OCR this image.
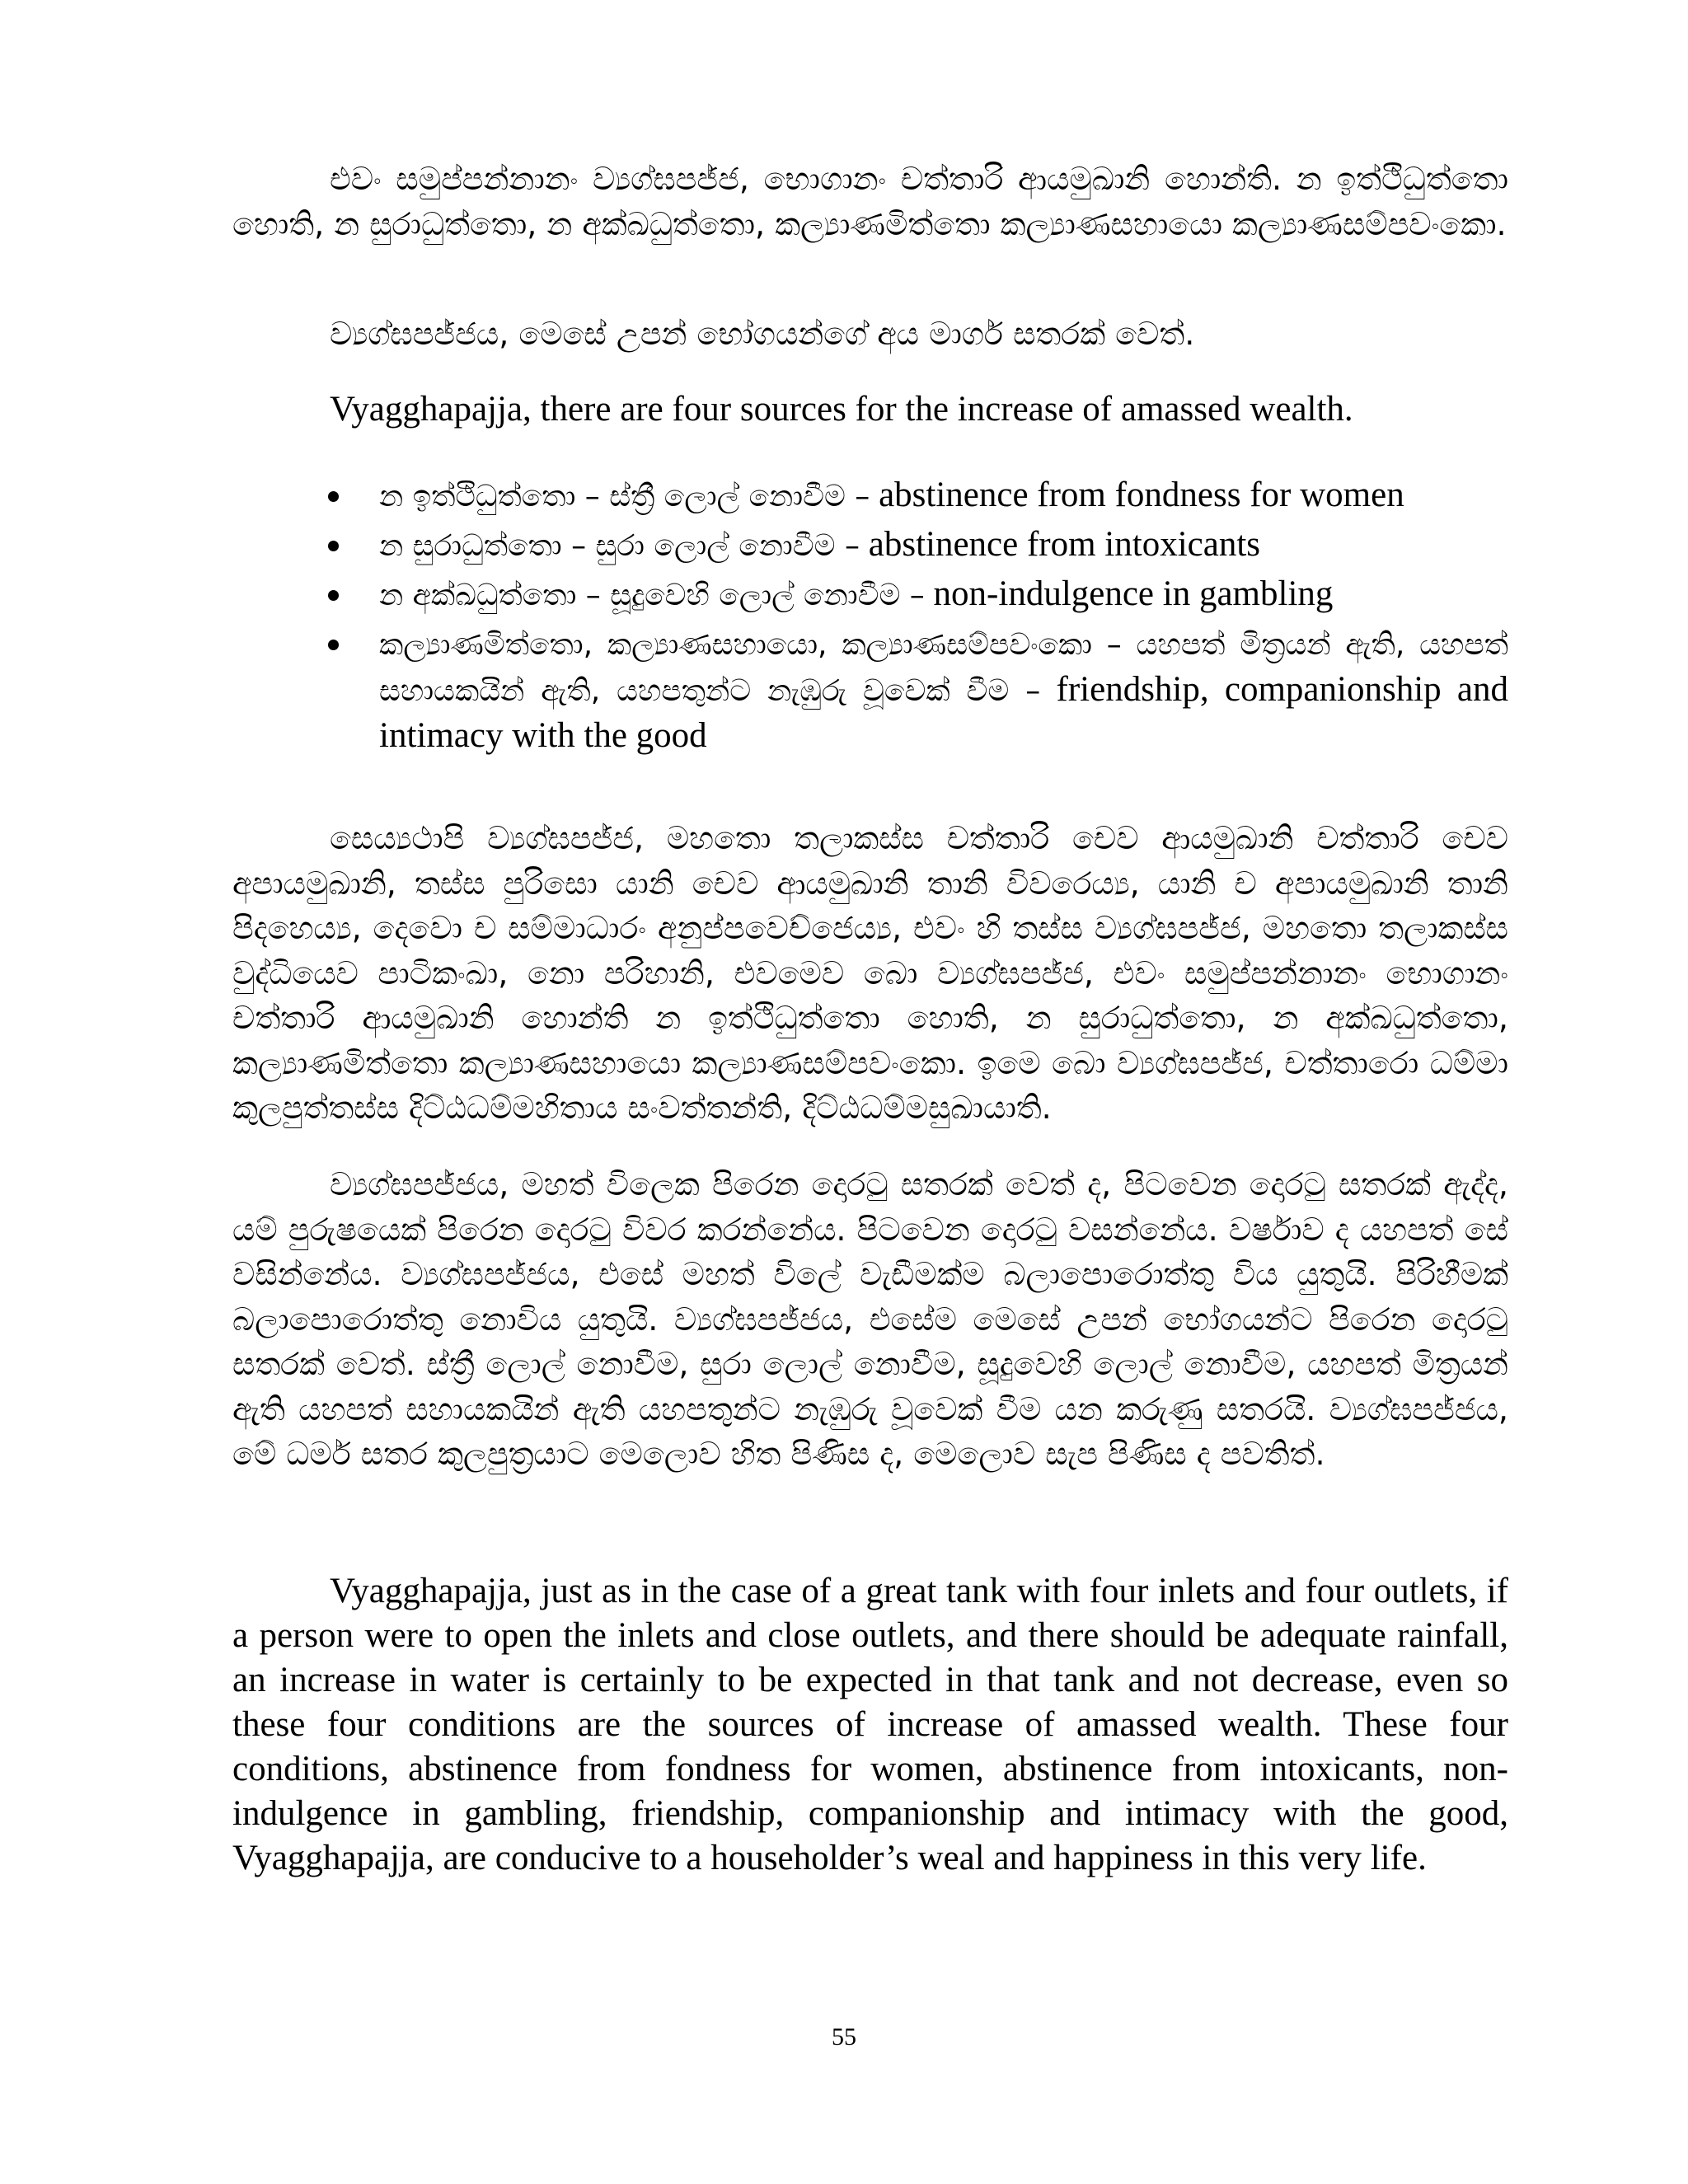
එවං සමුප්පන්නානං ව්‍යග්ඝපජ්ජ, භොගානං චත්තාරි ආයමුඛානි හොන්ති. න ඉත්ථිධුත්තො හොති, න සුරාධුත්තො, න අක්ඛධුත්තො, කල්‍යාණමිත්තො කල්‍යාණසහායො කල්‍යාණසම්පවංකො.

ව්‍යග්ඝපජ්ජය, මෙසේ උපන් භෝගයන්ගේ අය මාර්ග සතරක් වෙත්.

Vyagghapajja, there are four sources for the increase of amassed wealth.

න ඉත්ථිධුත්තො – ස්ත්‍රී ලොල් නොවීම – abstinence from fondness for women
න සුරාධුත්තො – සුරා ලොල් නොවීම – abstinence from intoxicants
න අක්ඛධුත්තො – සූදුවෙහි ලොල් නොවීම – non-indulgence in gambling
කල්‍යාණමිත්තො, කල්‍යාණසහායො, කල්‍යාණසම්පවංකො – යහපත් මිත්‍රයන් ඇති, යහපත් සහායකයින් ඇති, යහපතුන්ට නැඹුරු වූවෙක් වීම – friendship, companionship and intimacy with the good

සෙය්‍යථාපි ව්‍යග්ඝපජ්ජ, මහතො තලාකස්ස චත්තාරි චෙව ආයමුඛානි චත්තාරි චෙව අපායමුඛානි, තස්ස පුරිසො යානි චෙව ආයමුඛානි තානි විවරෙය්‍ය, යානි ච අපායමුඛානි තානි පිදහෙය්‍ය, දෙවො ච සම්මාධාරං අනුප්පවෙච්ජෙය්‍ය, එවං හි තස්ස ව්‍යග්ඝපජ්ජ, මහතො තලාකස්ස වුද්ධියෙව පාටිකංඛා, නො පරිහානි, එවමෙව බො ව්‍යග්ඝපජ්ජ, එවං සමුප්පන්නානං භොගානං චත්තාරි ආයමුඛානි හොන්ති න ඉත්ථිධුත්තො හොති, න සුරාධුත්තො, න අක්ඛධුත්තො, කල්‍යාණමිත්තො කල්‍යාණසහායො කල්‍යාණසම්පවංකො. ඉමෙ බො ව්‍යග්ඝපජ්ජ, චත්තාරො ධම්මා කුලපුත්තස්ස දිට්ඨධම්මහිතාය සංවත්තන්ති, දිට්ඨධම්මසුඛායාති.

ව්‍යග්ඝපජ්ජය, මහත් විලෙක පිරෙන දොරටු සතරක් වෙත් ද, පිටවෙන දොරටු සතරක් ඇද්ද, යම් පුරුෂයෙක් පිරෙන දොරටු විවර කරන්නේය. පිටවෙන දොරටු වසන්නේය. වර්ෂාව ද යහපත් සේ වසින්නේය. ව්‍යග්ඝපජ්ජය, එසේ මහත් විලේ වැඩීමක්ම බලාපොරොත්තු විය යුතුයි. පිරිහීමක් බලාපොරොත්තු නොවිය යුතුයි. ව්‍යග්ඝපජ්ජය, එසේම මෙසේ උපන් භෝගයන්ට පිරෙන දොරටු සතරක් වෙත්. ස්ත්‍රී ලොල් නොවීම, සුරා ලොල් නොවීම, සූදුවෙහි ලොල් නොවීම, යහපත් මිත්‍රයන් ඇති යහපත් සහායකයින් ඇති යහපතුන්ට නැඹුරු වූවෙක් වීම යන කරුණු සතරයි. ව්‍යග්ඝපජ්ජය, මේ ධර්ම සතර කුලපුත්‍රයාට මෙලොව හිත පිණිස ද, මෙලොව සැප පිණිස ද පවතිත්.

Vyagghapajja, just as in the case of a great tank with four inlets and four outlets, if a person were to open the inlets and close outlets, and there should be adequate rainfall, an increase in water is certainly to be expected in that tank and not decrease, even so these four conditions are the sources of increase of amassed wealth. These four conditions, abstinence from fondness for women, abstinence from intoxicants, non-indulgence in gambling, friendship, companionship and intimacy with the good, Vyagghapajja, are conducive to a householder’s weal and happiness in this very life.

55
